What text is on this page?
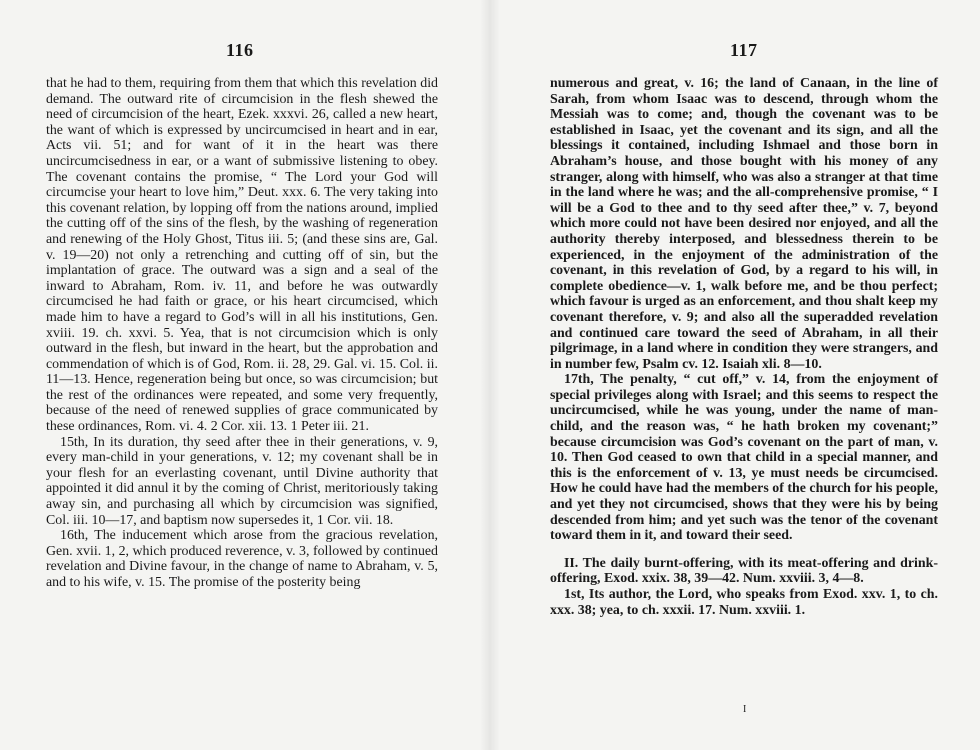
116

that he had to them, requiring from them that which this revelation did demand. The outward rite of circumcision in the flesh shewed the need of circumcision of the heart, Ezek. xxxvi. 26, called a new heart, the want of which is expressed by uncircumcised in heart and in ear, Acts vii. 51; and for want of it in the heart was there uncircumcisedness in ear, or a want of submissive listening to obey. The covenant contains the promise, “ The Lord your God will circumcise your heart to love him,” Deut. xxx. 6. The very taking into this covenant relation, by lopping off from the nations around, implied the cutting off of the sins of the flesh, by the washing of regeneration and renewing of the Holy Ghost, Titus iii. 5; (and these sins are, Gal. v. 19—20) not only a retrenching and cutting off of sin, but the implantation of grace. The outward was a sign and a seal of the inward to Abraham, Rom. iv. 11, and before he was outwardly circumcised he had faith or grace, or his heart circumcised, which made him to have a regard to God’s will in all his institutions, Gen. xviii. 19. ch. xxvi. 5. Yea, that is not circumcision which is only outward in the flesh, but inward in the heart, but the approbation and commendation of which is of God, Rom. ii. 28, 29. Gal. vi. 15. Col. ii. 11—13. Hence, regeneration being but once, so was circumcision; but the rest of the ordinances were repeated, and some very frequently, because of the need of renewed supplies of grace communicated by these ordinances, Rom. vi. 4. 2 Cor. xii. 13. 1 Peter iii. 21.

15th, In its duration, thy seed after thee in their generations, v. 9, every man-child in your generations, v. 12; my covenant shall be in your flesh for an everlasting covenant, until Divine authority that appointed it did annul it by the coming of Christ, meritoriously taking away sin, and purchasing all which by circumcision was signified, Col. iii. 10—17, and baptism now supersedes it, 1 Cor. vii. 18.

16th, The inducement which arose from the gracious revelation, Gen. xvii. 1, 2, which produced reverence, v. 3, followed by continued revelation and Divine favour, in the change of name to Abraham, v. 5, and to his wife, v. 15. The promise of the posterity being

117

numerous and great, v. 16; the land of Canaan, in the line of Sarah, from whom Isaac was to descend, through whom the Messiah was to come; and, though the covenant was to be established in Isaac, yet the covenant and its sign, and all the blessings it contained, including Ishmael and those born in Abraham’s house, and those bought with his money of any stranger, along with himself, who was also a stranger at that time in the land where he was; and the all-comprehensive promise, “ I will be a God to thee and to thy seed after thee,” v. 7, beyond which more could not have been desired nor enjoyed, and all the authority thereby interposed, and blessedness therein to be experienced, in the enjoyment of the administration of the covenant, in this revelation of God, by a regard to his will, in complete obedience—v. 1, walk before me, and be thou perfect; which favour is urged as an enforcement, and thou shalt keep my covenant therefore, v. 9; and also all the superadded revelation and continued care toward the seed of Abraham, in all their pilgrimage, in a land where in condition they were strangers, and in number few, Psalm cv. 12. Isaiah xli. 8—10.

17th, The penalty, “ cut off,” v. 14, from the enjoyment of special privileges along with Israel; and this seems to respect the uncircumcised, while he was young, under the name of man-child, and the reason was, “ he hath broken my covenant;” because circumcision was God’s covenant on the part of man, v. 10. Then God ceased to own that child in a special manner, and this is the enforcement of v. 13, ye must needs be circumcised. How he could have had the members of the church for his people, and yet they not circumcised, shows that they were his by being descended from him; and yet such was the tenor of the covenant toward them in it, and toward their seed.

II. The daily burnt-offering, with its meat-offering and drink-offering, Exod. xxix. 38, 39—42. Num. xxviii. 3, 4—8.

1st, Its author, the Lord, who speaks from Exod. xxv. 1, to ch. xxx. 38; yea, to ch. xxxii. 17. Num. xxviii. 1.

I
